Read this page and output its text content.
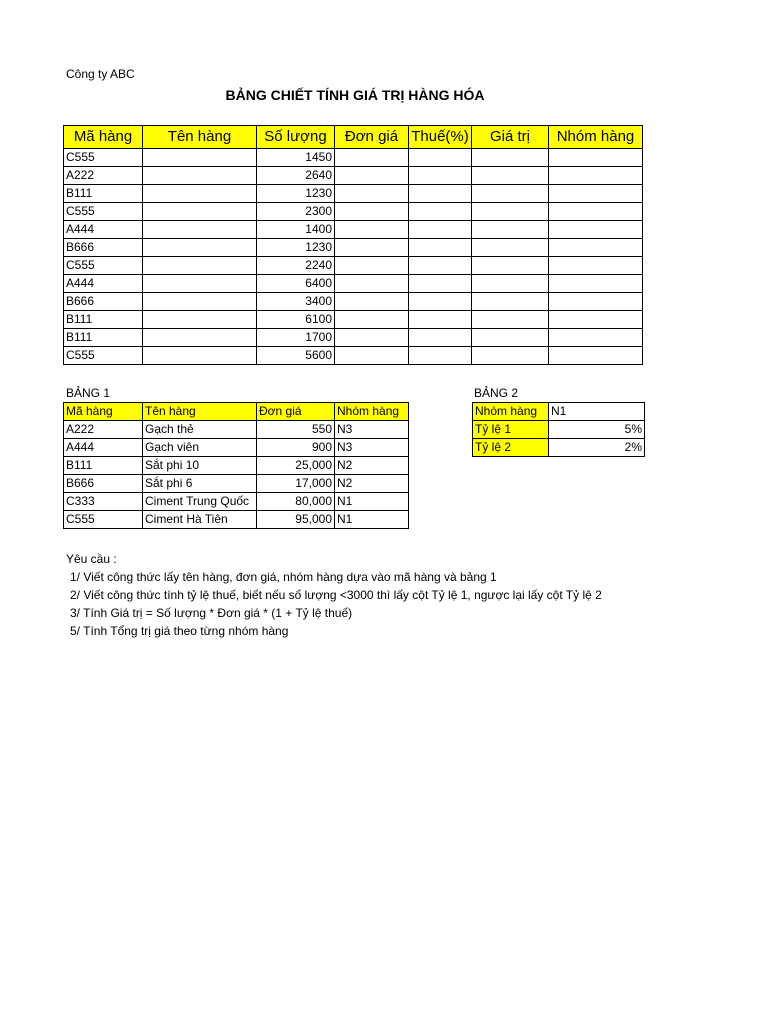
Công ty ABC
BẢNG CHIẾT TÍNH GIÁ TRỊ HÀNG HÓA
Mã hàng	Tên hàng	Số lượng	Đơn giá	Thuế(%)	Giá trị	Nhóm hàng
C555		1450				
A222		2640				
B111		1230				
C555		2300				
A444		1400				
B666		1230				
C555		2240				
A444		6400				
B666		3400				
B111		6100				
B111		1700				
C555		5600				
BẢNG 1
Mã hàng	Tên hàng	Đơn giá	Nhóm hàng
A222	Gạch thẻ	550	N3
A444	Gạch viên	900	N3
B111	Sắt phi 10	25,000	N2
B666	Sắt phi 6	17,000	N2
C333	Ciment Trung Quốc	80,000	N1
C555	Ciment Hà Tiên	95,000	N1
BẢNG 2
Nhóm hàng	N1
Tỷ lệ 1	5%
Tỷ lệ 2	2%
Yêu cầu :
1/ Viết công thức lấy tên hàng, đơn giá, nhóm hàng dựa vào mã hàng và bảng 1
2/ Viết công thức tính tỷ lệ thuế, biết nếu số lượng <3000 thì lấy cột Tỷ lệ 1, ngược lại lấy cột Tỷ lệ 2
3/ Tính Giá trị = Số lượng * Đơn giá * (1 + Tỷ lệ thuế)
5/ Tính Tổng trị giá theo từng nhóm hàng
